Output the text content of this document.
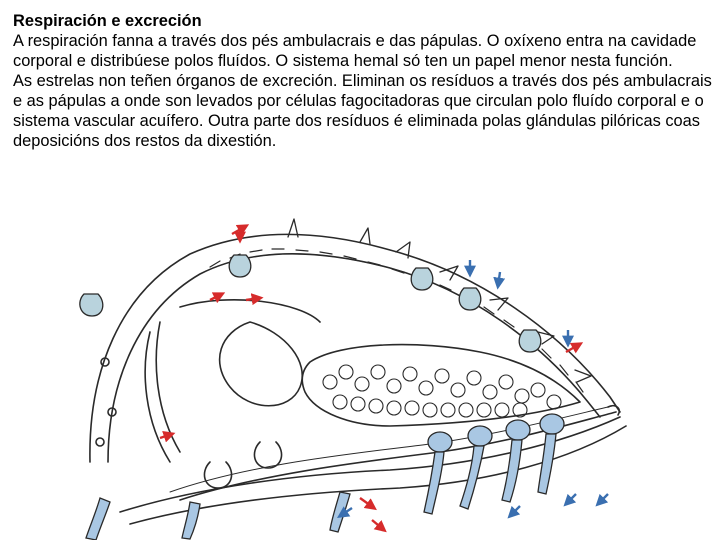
Respiración e excreción

A respiración fanna a través dos pés ambulacrais e das pápulas. O oxíxeno entra na cavidade corporal e distribúese polos fluídos. O sistema hemal só ten un papel menor nesta función.

As estrelas non teñen órganos de excreción. Eliminan os resíduos a través dos pés ambulacrais e as pápulas a onde son levados por células fagocitadoras que circulan polo fluído corporal e o sistema vascular acuífero. Outra parte dos resíduos é eliminada polas glándulas pilóricas coas deposicións dos restos da dixestión.
